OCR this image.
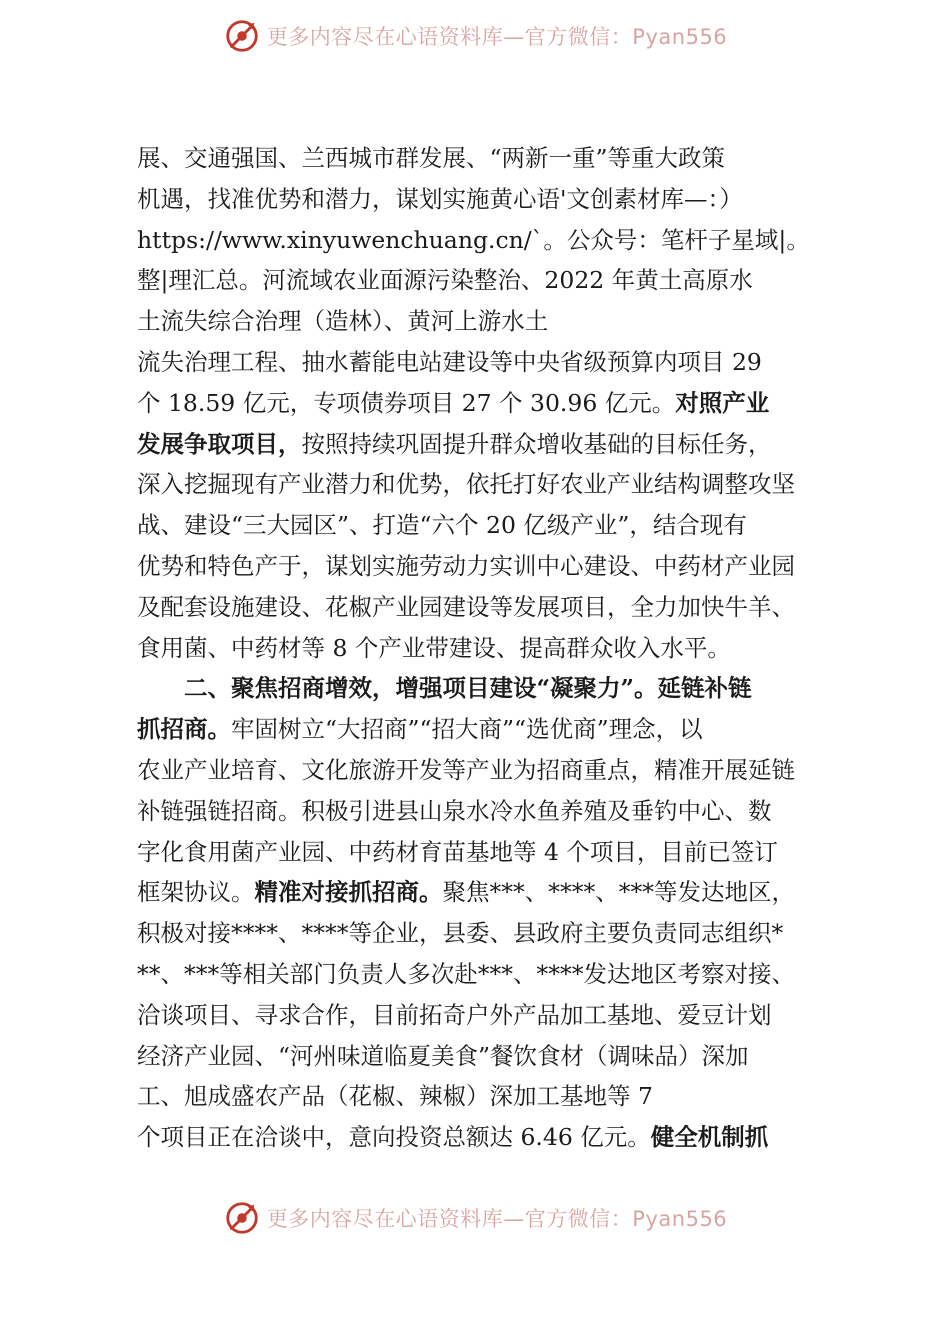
更多内容尽在心语资料库—官方微信：Pyan556
展、交通强国、兰西城市群发展、“两新一重”等重大政策
机遇，找准优势和潜力，谋划实施黄心语'文创素材库—：）
https://www.xinyuwenchuang.cn/`。公众号：笔杆子星域|。
整|理汇总。河流域农业面源污染整治、2022 年黄土高原水
土流失综合治理（造林）、黄河上游水土
流失治理工程、抽水蓄能电站建设等中央省级预算内项目 29
个 18.59 亿元，专项债券项目 27 个 30.96 亿元。对照产业
发展争取项目，按照持续巩固提升群众增收基础的目标任务，
深入挖掘现有产业潜力和优势，依托打好农业产业结构调整攻坚
战、建设“三大园区”、打造“六个 20 亿级产业”，结合现有
优势和特色产于，谋划实施劳动力实训中心建设、中药材产业园
及配套设施建设、花椒产业园建设等发展项目，全力加快牛羊、
食用菌、中药材等 8 个产业带建设、提高群众收入水平。
二、聚焦招商增效，增强项目建设“凝聚力”。延链补链
抓招商。牢固树立“大招商”“招大商”“选优商”理念，以
农业产业培育、文化旅游开发等产业为招商重点，精准开展延链
补链强链招商。积极引进县山泉水冷水鱼养殖及垂钓中心、数
字化食用菌产业园、中药材育苗基地等 4 个项目，目前已签订
框架协议。精准对接抓招商。聚焦***、****、***等发达地区，
积极对接****、****等企业，县委、县政府主要负责同志组织*
**、***等相关部门负责人多次赴***、****发达地区考察对接、
洽谈项目、寻求合作，目前拓奇户外产品加工基地、爱豆计划
经济产业园、“河州味道临夏美食”餐饮食材（调味品）深加
工、旭成盛农产品（花椒、辣椒）深加工基地等 7
个项目正在洽谈中，意向投资总额达 6.46 亿元。健全机制抓
更多内容尽在心语资料库—官方微信：Pyan556
